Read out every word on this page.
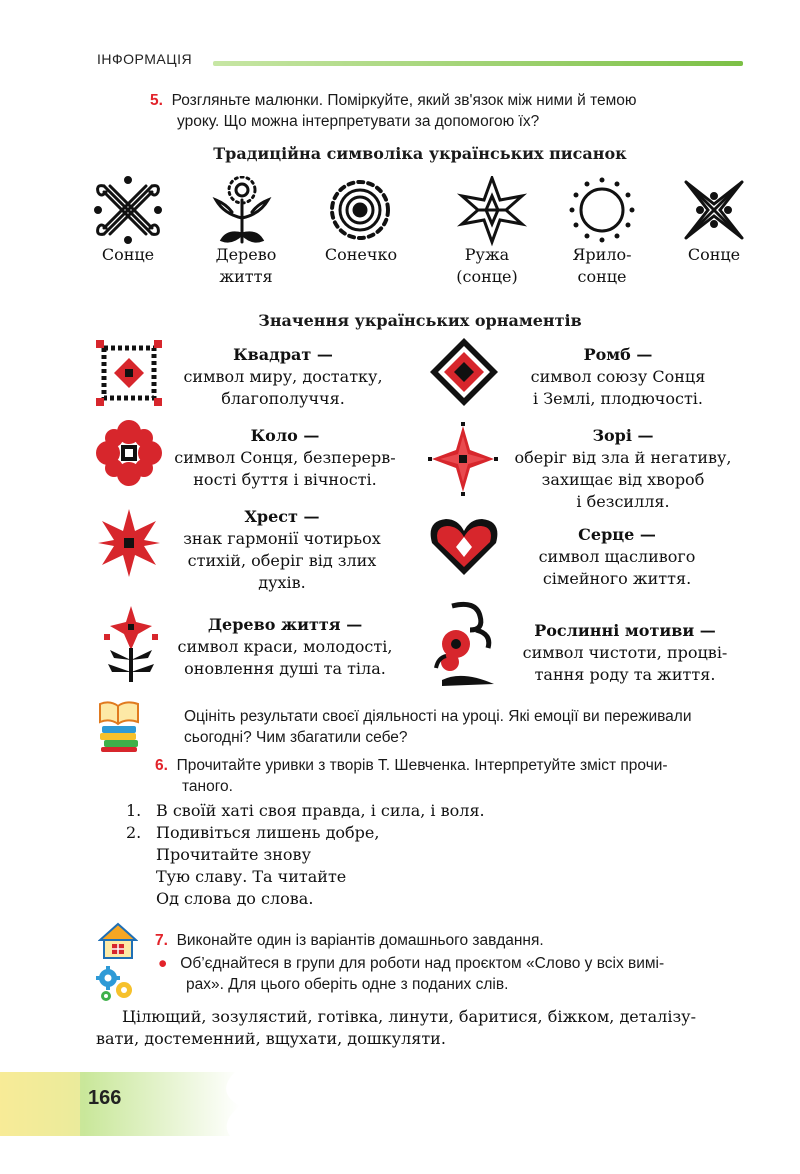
ІНФОРМАЦІЯ
5. Розгляньте малюнки. Поміркуйте, який зв'язок між ними й темою
уроку. Що можна інтерпретувати за допомогою їх?
Традиційна символіка українських писанок
Сонце	Дерево
життя
Сонечко	Ружа
(сонце)
Ярило-
сонце
Сонце
Значення українських орнаментів
Квадрат —
символ миру, достатку,
благополуччя.
Ромб —
символ союзу Сонця
і Землі, плодючості.
Коло —
символ Сонця, безперерв-
ності буття і вічності.
Зорі —
оберіг від зла й негативу,
захищає від хвороб
і безсилля.
Хрест —
знак гармонії чотирьох
стихій, оберіг від злих
духів.
Серце —
символ щасливого
сімейного життя.
Дерево життя —
символ краси, молодості,
оновлення душі та тіла.
Рослинні мотиви —
символ чистоти, процві-
тання роду та життя.
Оцініть результати своєї діяльності на уроці. Які емоції ви переживали
сьогодні? Чим збагатили себе?
6. Прочитайте уривки з творів Т. Шевченка. Інтерпретуйте зміст прочи-
таного.
1. В своїй хаті своя правда, і сила, і воля.
2. Подивіться лишень добре,
Прочитайте знову
Тую славу. Та читайте
Од слова до слова.
7. Виконайте один із варіантів домашнього завдання.
● Об’єднайтеся в групи для роботи над проєктом «Слово у всіх вимі-
рах». Для цього оберіть одне з поданих слів.
Цілющий, зозулястий, готівка, линути, баритися, біжком, деталізу-
вати, достеменний, вщухати, дошкуляти.
166
